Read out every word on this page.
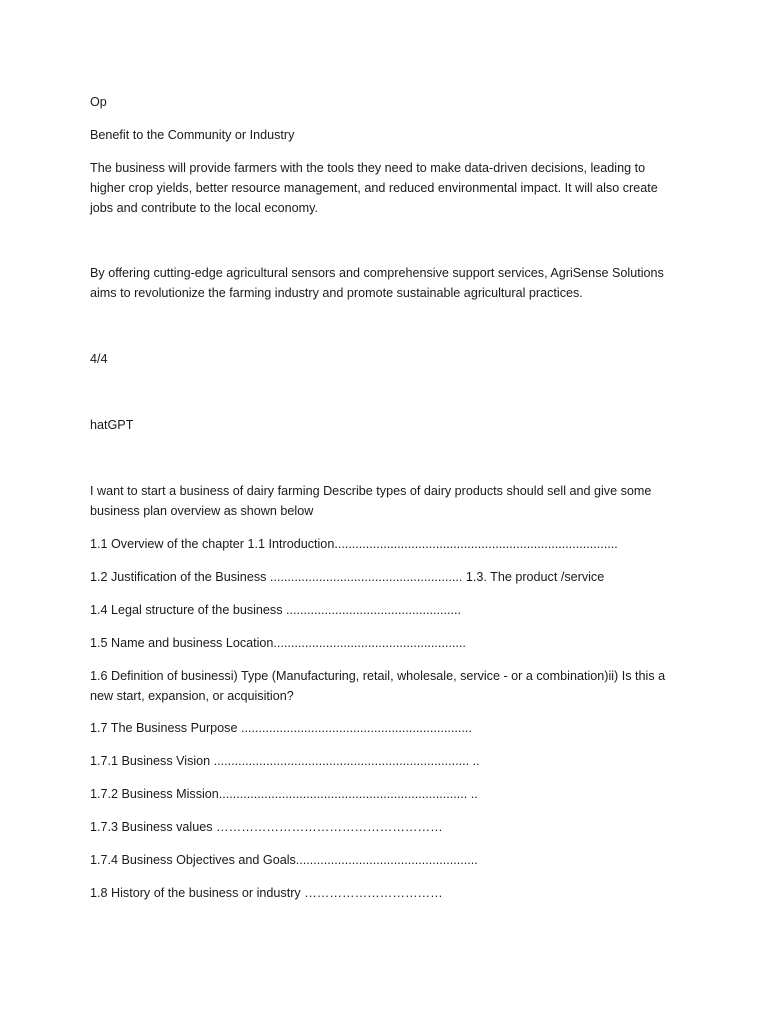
Op

Benefit to the Community or Industry

The business will provide farmers with the tools they need to make data-driven decisions, leading to higher crop yields, better resource management, and reduced environmental impact. It will also create jobs and contribute to the local economy.

By offering cutting-edge agricultural sensors and comprehensive support services, AgriSense Solutions aims to revolutionize the farming industry and promote sustainable agricultural practices.

4/4

hatGPT

I want to start a business of dairy farming Describe types of dairy products should sell and give some business plan overview as shown below

1.1 Overview of the chapter 1.1 Introduction.................................................................................

1.2 Justification of the Business ....................................................... 1.3. The product /service

1.4 Legal structure of the business ..................................................

1.5 Name and business Location.......................................................

1.6 Definition of businessi) Type (Manufacturing, retail, wholesale, service - or a combination)ii) Is this a new start, expansion, or acquisition?

1.7 The Business Purpose ..................................................................

1.7.1 Business Vision ......................................................................... ..

1.7.2 Business Mission....................................................................... ..

1.7.3 Business values ………………………………………………

1.7.4 Business Objectives and Goals....................................................

1.8 History of the business or industry ……………………………
